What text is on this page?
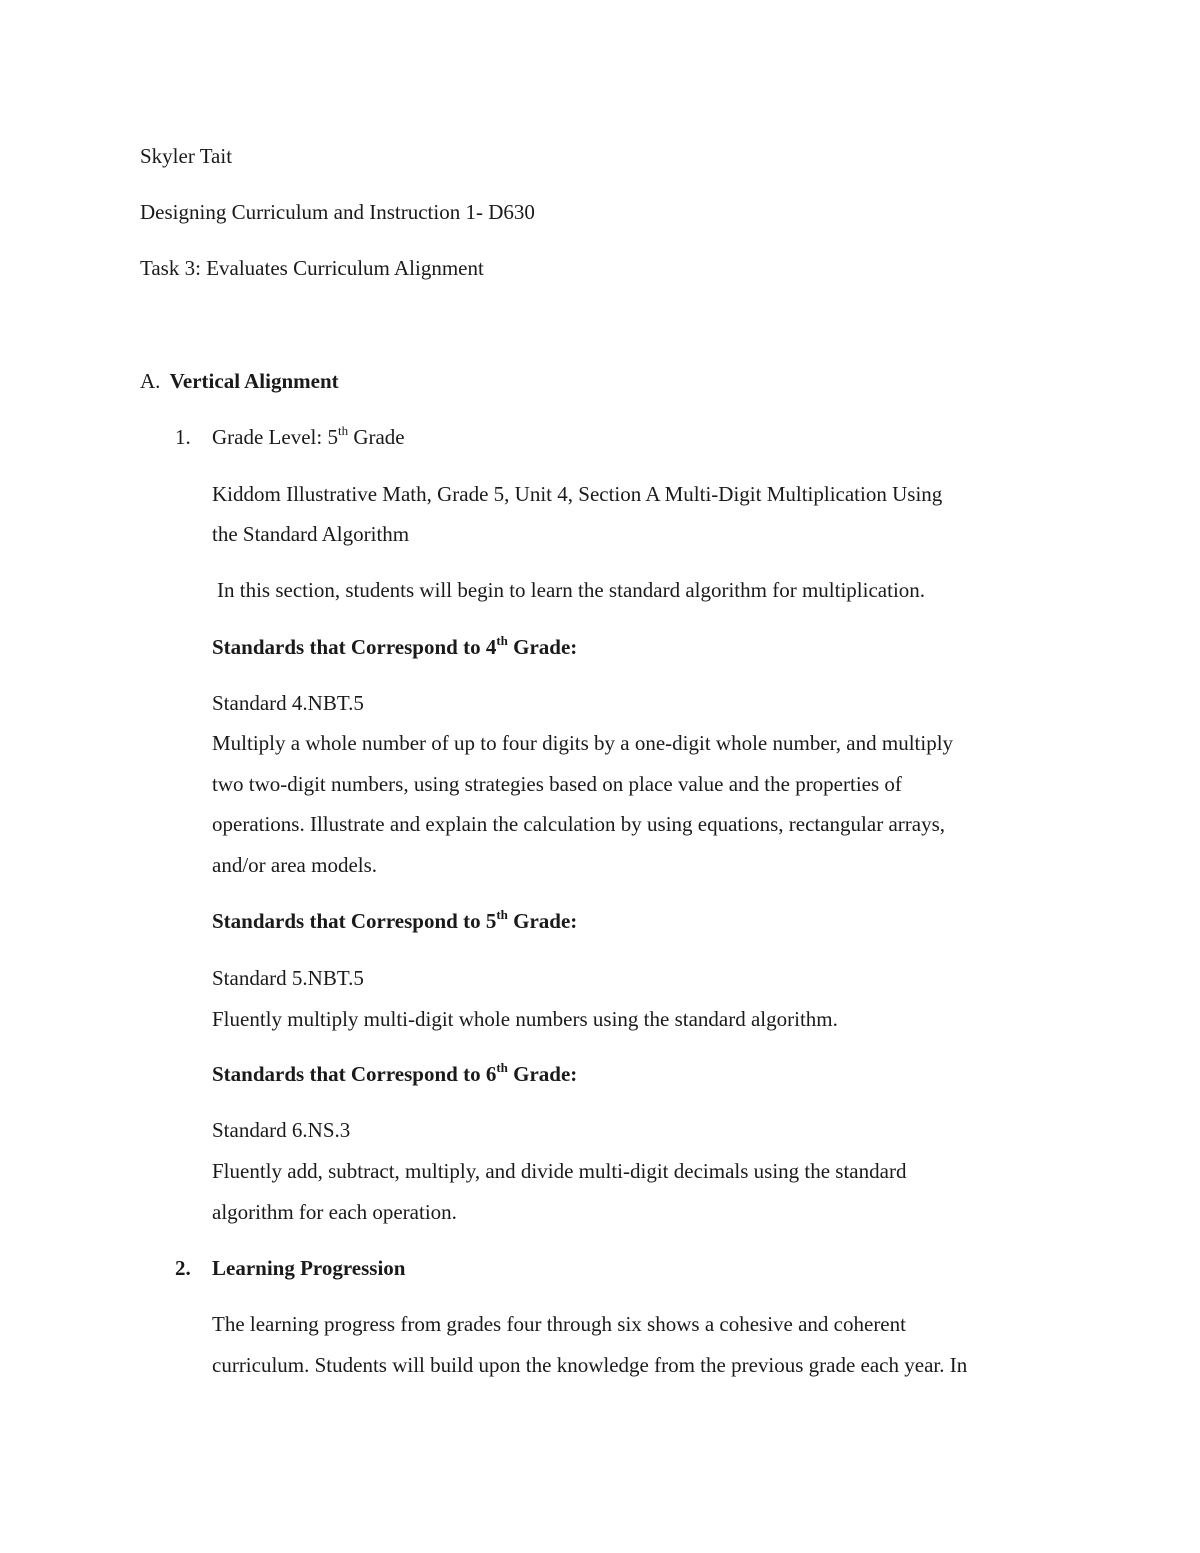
Skyler Tait
Designing Curriculum and Instruction 1- D630
Task 3: Evaluates Curriculum Alignment
A. Vertical Alignment
1. Grade Level: 5th Grade
Kiddom Illustrative Math, Grade 5, Unit 4, Section A Multi-Digit Multiplication Using
the Standard Algorithm
In this section, students will begin to learn the standard algorithm for multiplication.
Standards that Correspond to 4th Grade:
Standard 4.NBT.5
Multiply a whole number of up to four digits by a one-digit whole number, and multiply
two two-digit numbers, using strategies based on place value and the properties of
operations. Illustrate and explain the calculation by using equations, rectangular arrays,
and/or area models.
Standards that Correspond to 5th Grade:
Standard 5.NBT.5
Fluently multiply multi-digit whole numbers using the standard algorithm.
Standards that Correspond to 6th Grade:
Standard 6.NS.3
Fluently add, subtract, multiply, and divide multi-digit decimals using the standard
algorithm for each operation.
2. Learning Progression
The learning progress from grades four through six shows a cohesive and coherent
curriculum. Students will build upon the knowledge from the previous grade each year. In
